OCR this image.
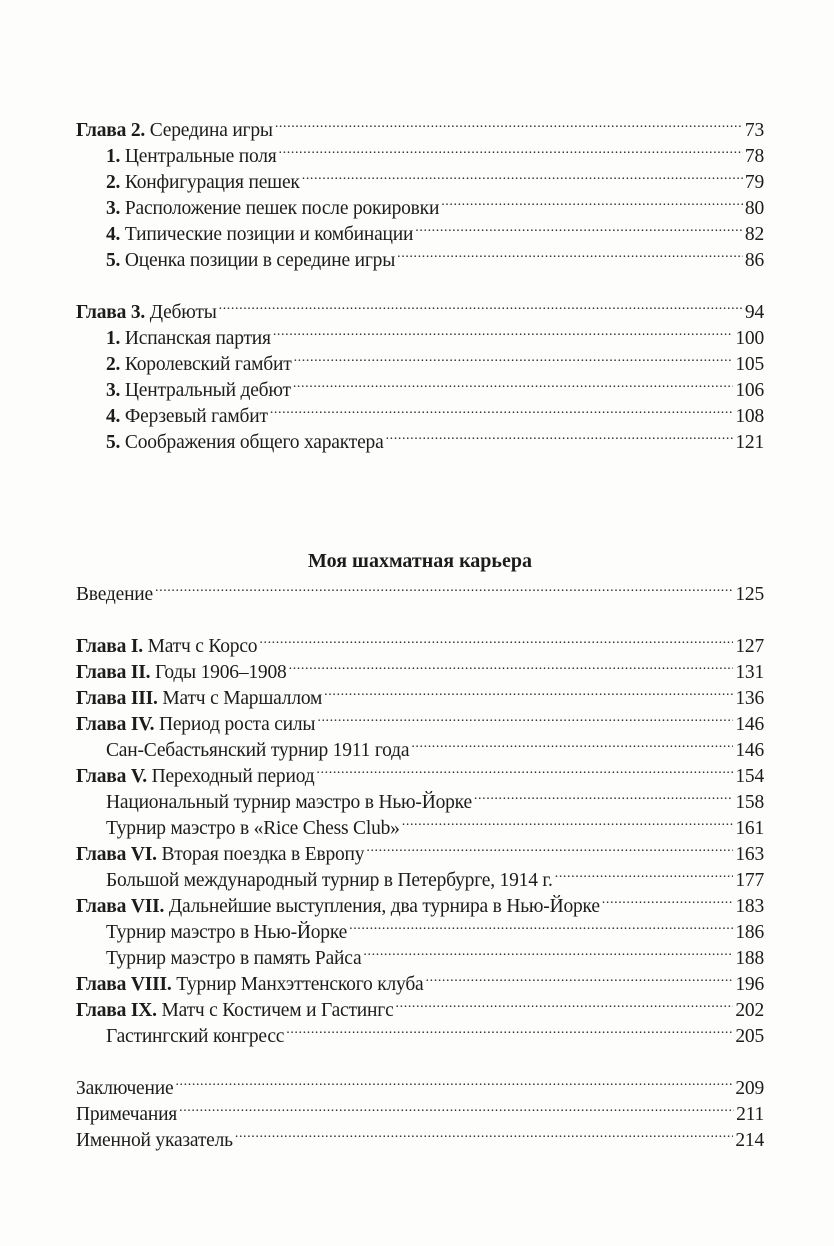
Глава 2. Середина игры .....	73
1. Центральные поля .....	78
2. Конфигурация пешек .....	79
3. Расположение пешек после рокировки .....	80
4. Типические позиции и комбинации .....	82
5. Оценка позиции в середине игры .....	86
Глава 3. Дебюты .....	94
1. Испанская партия .....	100
2. Королевский гамбит .....	105
3. Центральный дебют .....	106
4. Ферзевый гамбит .....	108
5. Соображения общего характера .....	121
Моя шахматная карьера
Введение .....	125
Глава I. Матч с Корсо .....	127
Глава II. Годы 1906–1908 .....	131
Глава III. Матч с Маршаллом .....	136
Глава IV. Период роста силы .....	146
Сан-Себастьянский турнир 1911 года .....	146
Глава V. Переходный период .....	154
Национальный турнир маэстро в Нью-Йорке .....	158
Турнир маэстро в «Rice Chess Club» .....	161
Глава VI. Вторая поездка в Европу .....	163
Большой международный турнир в Петербурге, 1914 г. .....	177
Глава VII. Дальнейшие выступления, два турнира в Нью-Йорке .....	183
Турнир маэстро в Нью-Йорке .....	186
Турнир маэстро в память Райса .....	188
Глава VIII. Турнир Манхэттенского клуба .....	196
Глава IX. Матч с Костичем и Гастингс .....	202
Гастингский конгресс .....	205
Заключение .....	209
Примечания .....	211
Именной указатель .....	214
